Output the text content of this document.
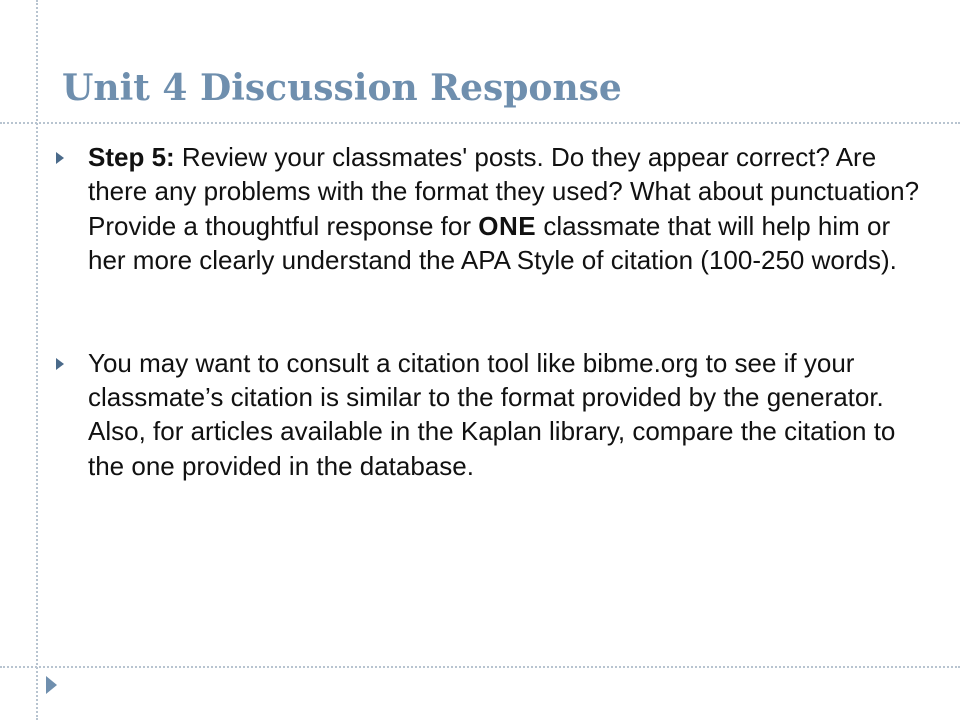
Unit 4 Discussion Response
Step 5: Review your classmates' posts. Do they appear correct? Are there any problems with the format they used? What about punctuation? Provide a thoughtful response for ONE classmate that will help him or her more clearly understand the APA Style of citation (100-250 words).
You may want to consult a citation tool like bibme.org to see if your classmate’s citation is similar to the format provided by the generator. Also, for articles available in the Kaplan library, compare the citation to the one provided in the database.
